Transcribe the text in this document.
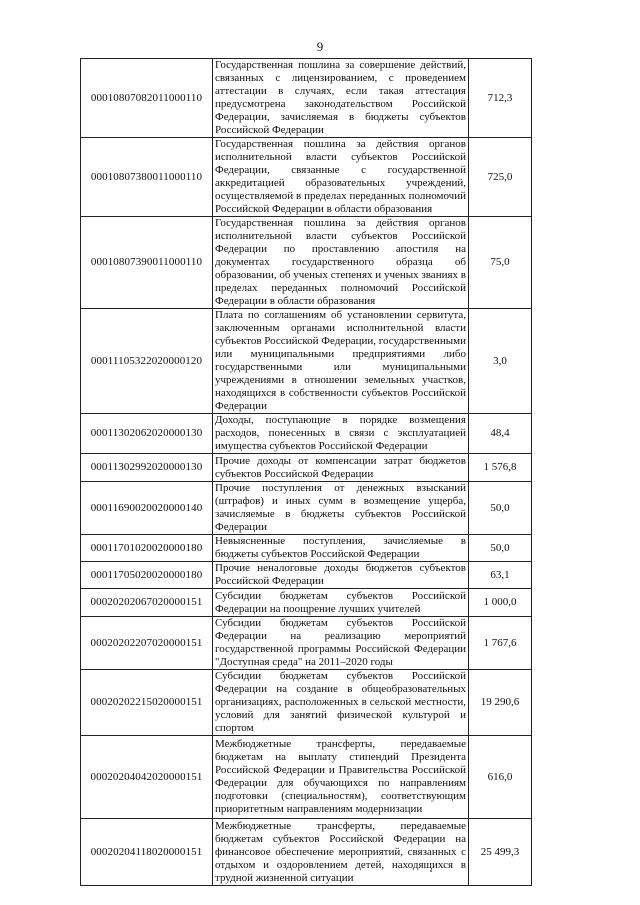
9
00010807082011000110	Государственная пошлина за совершение действий, связанных с лицензированием, с проведением аттестации в случаях, если такая аттестация предусмотрена законодательством Российской Федерации, зачисляемая в бюджеты субъектов Российской Федерации	712,3
00010807380011000110	Государственная пошлина за действия органов исполнительной власти субъектов Российской Федерации, связанные с государственной аккредитацией образовательных учреждений, осуществляемой в пределах переданных полномочий Российской Федерации в области образования	725,0
00010807390011000110	Государственная пошлина за действия органов исполнительной власти субъектов Российской Федерации по проставлению апостиля на документах государственного образца об образовании, об ученых степенях и ученых званиях в пределах переданных полномочий Российской Федерации в области образования	75,0
00011105322020000120	Плата по соглашениям об установлении сервитута, заключенным органами исполнительной власти субъектов Российской Федерации, государственными или муниципальными предприятиями либо государственными или муниципальными учреждениями в отношении земельных участков, находящихся в собственности субъектов Российской Федерации	3,0
00011302062020000130	Доходы, поступающие в порядке возмещения расходов, понесенных в связи с эксплуатацией имущества субъектов Российской Федерации	48,4
00011302992020000130	Прочие доходы от компенсации затрат бюджетов субъектов Российской Федерации	1 576,8
00011690020020000140	Прочие поступления от денежных взысканий (штрафов) и иных сумм в возмещение ущерба, зачисляемые в бюджеты субъектов Российской Федерации	50,0
00011701020020000180	Невыясненные поступления, зачисляемые в бюджеты субъектов Российской Федерации	50,0
00011705020020000180	Прочие неналоговые доходы бюджетов субъектов Российской Федерации	63,1
00020202067020000151	Субсидии бюджетам субъектов Российской Федерации на поощрение лучших учителей	1 000,0
00020202207020000151	Субсидии бюджетам субъектов Российской Федерации на реализацию мероприятий государственной программы Российской Федерации "Доступная среда" на 2011–2020 годы	1 767,6
00020202215020000151	Субсидии бюджетам субъектов Российской Федерации на создание в общеобразовательных организациях, расположенных в сельской местности, условий для занятий физической культурой и спортом	19 290,6
00020204042020000151	Межбюджетные трансферты, передаваемые бюджетам на выплату стипендий Президента Российской Федерации и Правительства Российской Федерации для обучающихся по направлениям подготовки (специальностям), соответствующим приоритетным направлениям модернизации	616,0
00020204118020000151	Межбюджетные трансферты, передаваемые бюджетам субъектов Российской Федерации на финансовое обеспечение мероприятий, связанных с отдыхом и оздоровлением детей, находящихся в трудной жизненной ситуации	25 499,3
